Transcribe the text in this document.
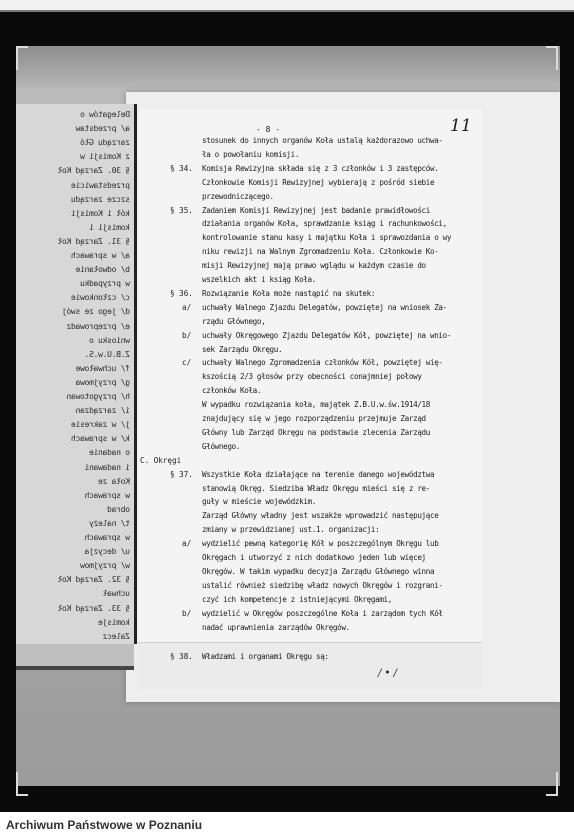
Delegatów o
a/ przedstaw
zarządu Głó
z Komisji w
§ 30. Zarząd Koł
przedstawicie
szcze zarządu
kół i Komisji
komisji i
§ 31. Zarząd Koł
a/ w sprawach
b/ odwołanie
w przypadku
c/ członkowie
d/ jego ze swój
e/ przeprowadz
wniosku o
Z.B.U.w.S.
f/ uchwałowe
g/ przyjmowa
h/ przygotowan
i/ zarządzan
j/ w zakresie
k/ w sprawach
o nadanie
i nadawani
Koła ze
w sprawach
obrad
t/ należy
w sprawach
u/ decyzja
w/ przyjmow
§ 32. Zarząd Koł
uchwał
§ 33. Zarząd Koł
komisje
Zalecz
- 8 -	11
stosunek do innych organów Koła ustalą każdorazowo uchwa-
ła o powołaniu komisji.
§ 34. Komisja Rewizyjna składa się z 3 członków i 3 zastępców.
Członkowie Komisji Rewizyjnej wybierają z pośród siebie
przewodniczącego.
§ 35. Zadaniem Komisji Rewizyjnej jest badanie prawidłowości
działania organów Koła, sprawdzanie ksiąg i rachunkowości,
kontrolowanie stanu kasy i majątku Koła i sprawozdania o wy
niku rewizji na Walnym Zgromadzeniu Koła. Członkowie Ko-
misji Rewizyjnej mają prawo wglądu w każdym czasie do
wszelkich akt i ksiąg Koła.
§ 36. Rozwiązanie Koła może nastąpić na skutek:
a/ uchwały Walnego Zjazdu Delegatów, powziętej na wniosek Za-
rządu Głównego,
b/ uchwały Okręgowego Zjazdu Delegatów Kół, powziętej na wnio-
sek Zarządu Okręgu.
c/ uchwały Walnego Zgromadzenia członków Kół, powziętej wię-
kszością 2/3 głosów przy obecności conajmniej połowy
członków Koła.
W wypadku rozwiązania koła, majątek Z.B.U.w.św.1914/18
znajdujący się w jego rozporządzeniu przejmuje Zarząd
Główny lub Zarząd Okręgu na podstawie zlecenia Zarządu
Głównego.
C. Okręgi
§ 37. Wszystkie Koła działające na terenie danego województwa
stanowią Okręg. Siedziba Władz Okręgu mieści się z re-
guły w mieście wojewódzkim.
Zarząd Główny władny jest wszakże wprowadzić następujące
zmiany w przewidzianej ust.1. organizacji:
a/ wydzielić pewną kategorię Kół w poszczególnym Okręgu lub
Okręgach i utworzyć z nich dodatkowo jeden lub więcej
Okręgów. W takim wypadku decyzja Zarządu Głównego winna
ustalić również siedzibę władz nowych Okręgów i rozgrani-
czyć ich kompetencje z istniejącymi Okręgami,
b/ wydzielić w Okręgów poszczególne Koła i zarządom tych Kół
nadać uprawnienia zarządów Okręgów.
/ • /
§ 38. Władzami i organami Okręgu są:
Archiwum Państwowe w Poznaniu
